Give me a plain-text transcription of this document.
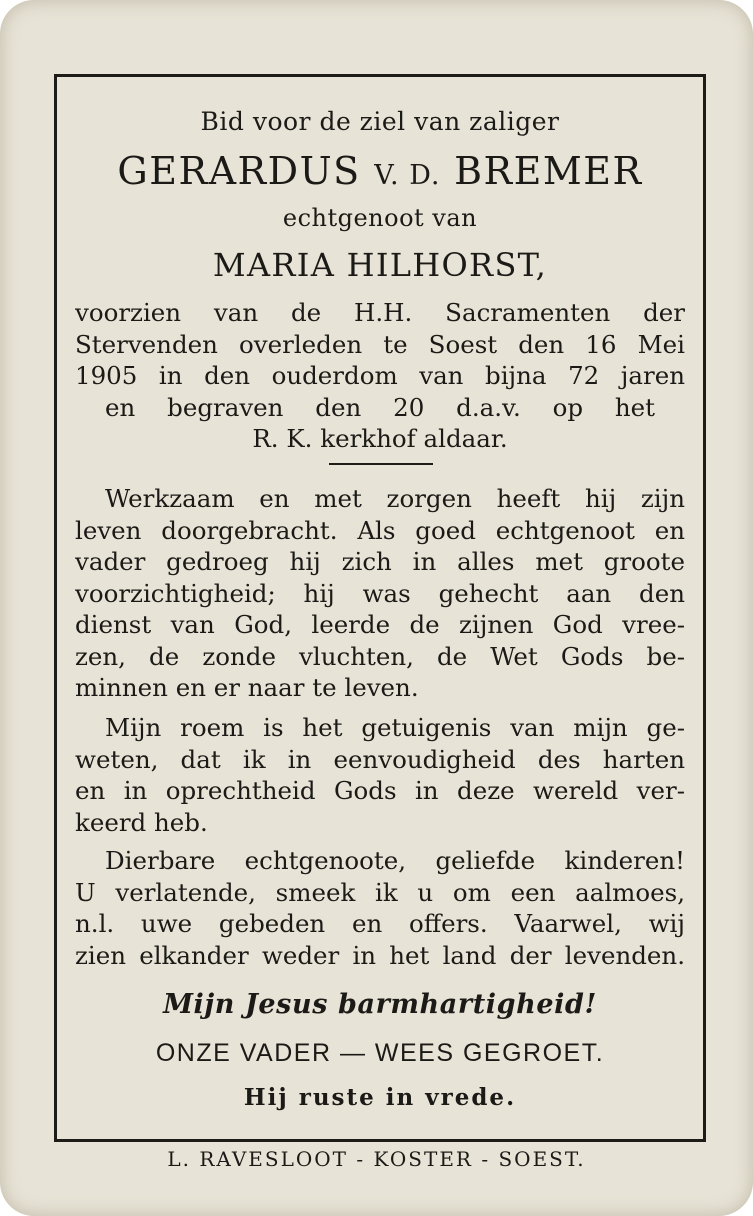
Bid voor de ziel van zaliger
GERARDUS V. D. BREMER
echtgenoot van
MARIA HILHORST,
voorzien van de H.H. Sacramenten der
Stervenden overleden te Soest den 16 Mei
1905 in den ouderdom van bijna 72 jaren
en begraven den 20 d.a.v. op het
R. K. kerkhof aldaar.
Werkzaam en met zorgen heeft hij zijn
leven doorgebracht. Als goed echtgenoot en
vader gedroeg hij zich in alles met groote
voorzichtigheid; hij was gehecht aan den
dienst van God, leerde de zijnen God vree-
zen, de zonde vluchten, de Wet Gods be-
minnen en er naar te leven.
Mijn roem is het getuigenis van mijn ge-
weten, dat ik in eenvoudigheid des harten
en in oprechtheid Gods in deze wereld ver-
keerd heb.
Dierbare echtgenoote, geliefde kinderen!
U verlatende, smeek ik u om een aalmoes,
n.l. uwe gebeden en offers. Vaarwel, wij
zien elkander weder in het land der levenden.
Mijn Jesus barmhartigheid!
ONZE VADER — WEES GEGROET.
Hij ruste in vrede.
L. RAVESLOOT - KOSTER - SOEST.
